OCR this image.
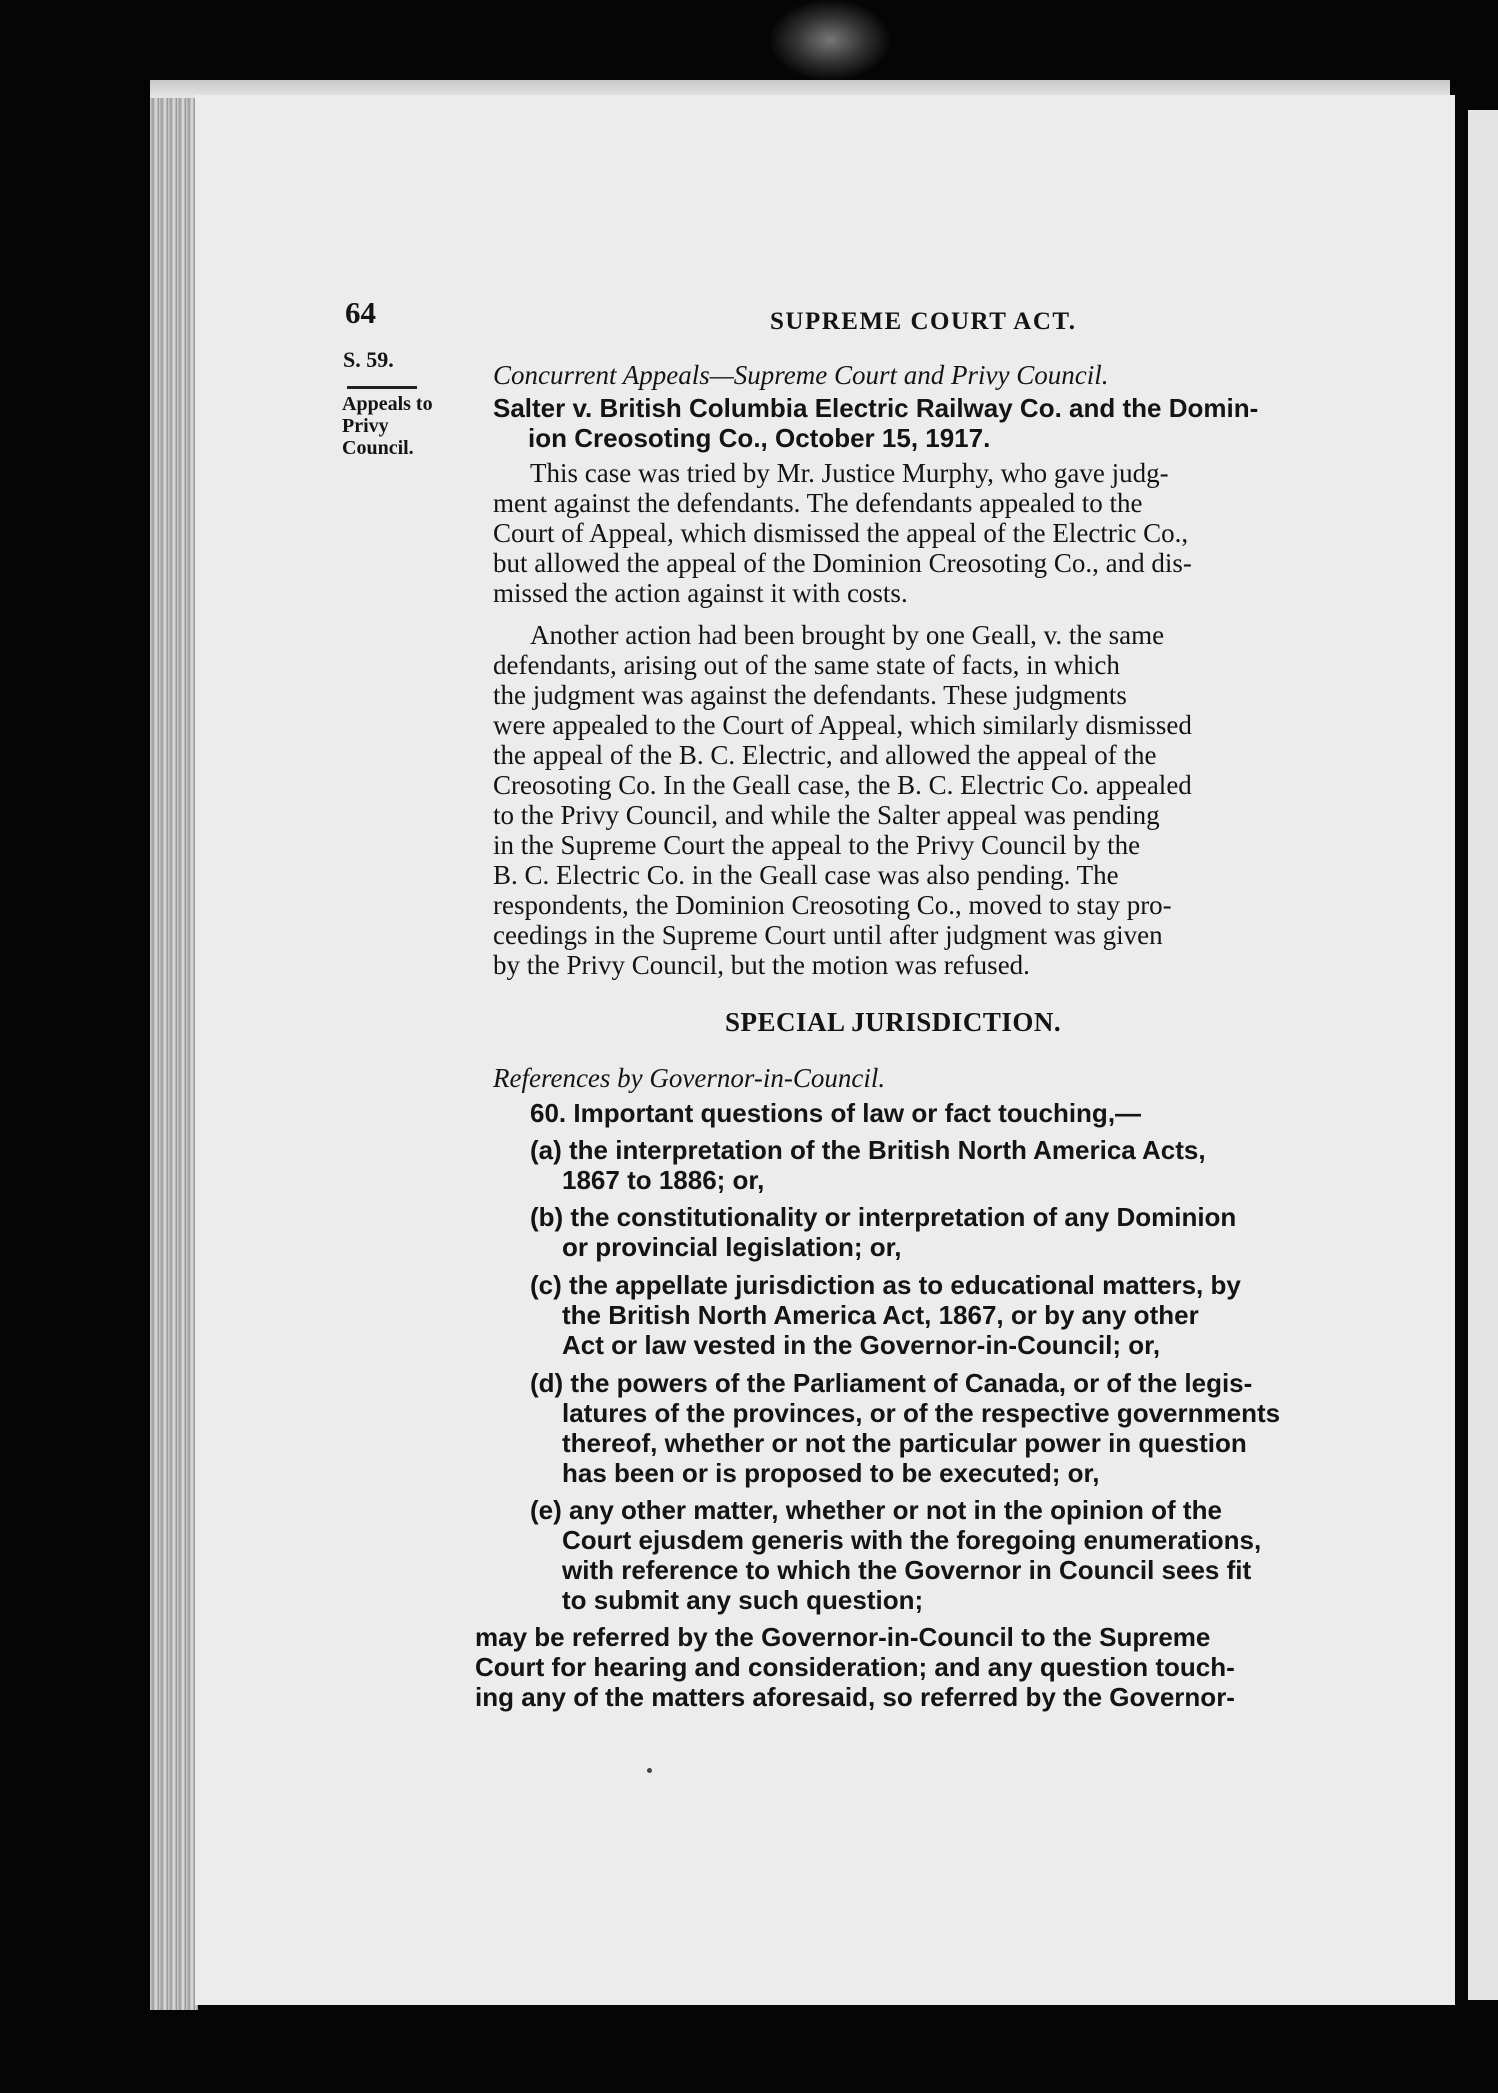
64	SUPREME COURT ACT.
S. 59.
Appeals to
Privy
Council.
Concurrent Appeals—Supreme Court and Privy Council.
Salter v. British Columbia Electric Railway Co. and the Domin-
ion Creosoting Co., October 15, 1917.
This case was tried by Mr. Justice Murphy, who gave judg-
ment against the defendants. The defendants appealed to the
Court of Appeal, which dismissed the appeal of the Electric Co.,
but allowed the appeal of the Dominion Creosoting Co., and dis-
missed the action against it with costs.
Another action had been brought by one Geall, v. the same
defendants, arising out of the same state of facts, in which
the judgment was against the defendants. These judgments
were appealed to the Court of Appeal, which similarly dismissed
the appeal of the B. C. Electric, and allowed the appeal of the
Creosoting Co. In the Geall case, the B. C. Electric Co. appealed
to the Privy Council, and while the Salter appeal was pending
in the Supreme Court the appeal to the Privy Council by the
B. C. Electric Co. in the Geall case was also pending. The
respondents, the Dominion Creosoting Co., moved to stay pro-
ceedings in the Supreme Court until after judgment was given
by the Privy Council, but the motion was refused.
SPECIAL JURISDICTION.
References by Governor-in-Council.
60. Important questions of law or fact touching,—
(a) the interpretation of the British North America Acts,
1867 to 1886; or,
(b) the constitutionality or interpretation of any Dominion
or provincial legislation; or,
(c) the appellate jurisdiction as to educational matters, by
the British North America Act, 1867, or by any other
Act or law vested in the Governor-in-Council; or,
(d) the powers of the Parliament of Canada, or of the legis-
latures of the provinces, or of the respective governments
thereof, whether or not the particular power in question
has been or is proposed to be executed; or,
(e) any other matter, whether or not in the opinion of the
Court ejusdem generis with the foregoing enumerations,
with reference to which the Governor in Council sees fit
to submit any such question;
may be referred by the Governor-in-Council to the Supreme
Court for hearing and consideration; and any question touch-
ing any of the matters aforesaid, so referred by the Governor-
